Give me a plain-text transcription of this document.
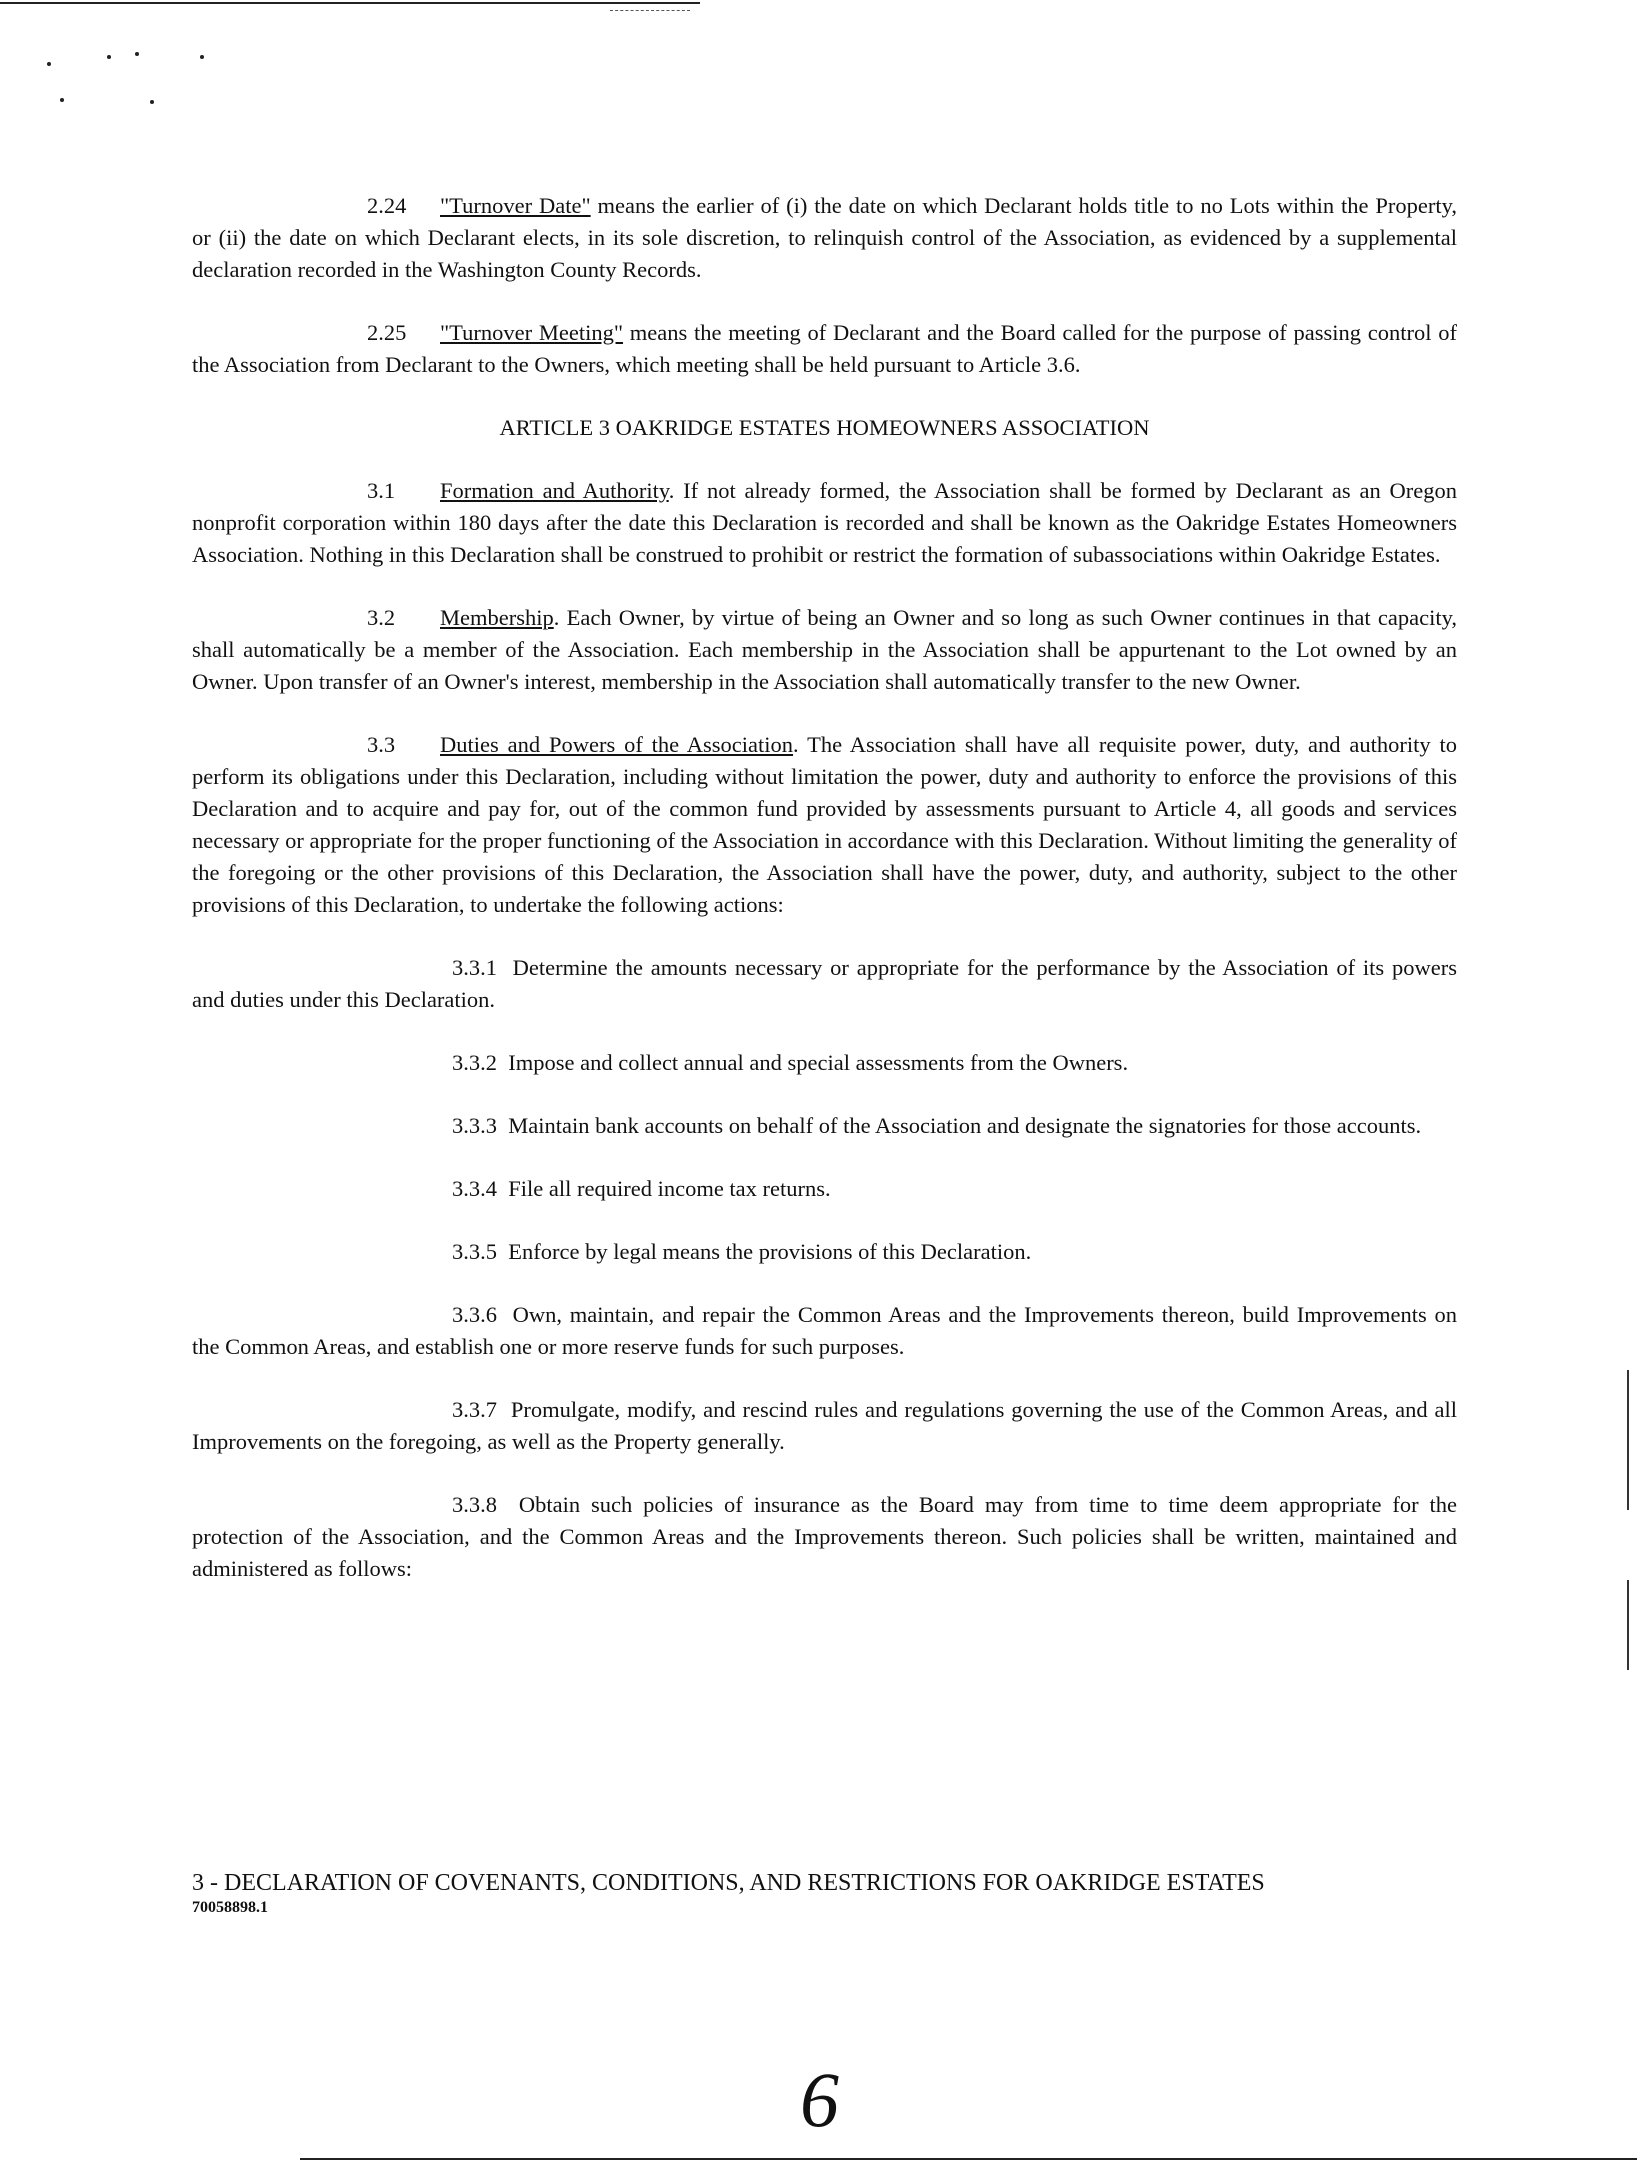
2.24 "Turnover Date" means the earlier of (i) the date on which Declarant holds title to no Lots within the Property, or (ii) the date on which Declarant elects, in its sole discretion, to relinquish control of the Association, as evidenced by a supplemental declaration recorded in the Washington County Records.

2.25 "Turnover Meeting" means the meeting of Declarant and the Board called for the purpose of passing control of the Association from Declarant to the Owners, which meeting shall be held pursuant to Article 3.6.

ARTICLE 3 OAKRIDGE ESTATES HOMEOWNERS ASSOCIATION

3.1 Formation and Authority. If not already formed, the Association shall be formed by Declarant as an Oregon nonprofit corporation within 180 days after the date this Declaration is recorded and shall be known as the Oakridge Estates Homeowners Association. Nothing in this Declaration shall be construed to prohibit or restrict the formation of subassociations within Oakridge Estates.

3.2 Membership. Each Owner, by virtue of being an Owner and so long as such Owner continues in that capacity, shall automatically be a member of the Association. Each membership in the Association shall be appurtenant to the Lot owned by an Owner. Upon transfer of an Owner's interest, membership in the Association shall automatically transfer to the new Owner.

3.3 Duties and Powers of the Association. The Association shall have all requisite power, duty, and authority to perform its obligations under this Declaration, including without limitation the power, duty and authority to enforce the provisions of this Declaration and to acquire and pay for, out of the common fund provided by assessments pursuant to Article 4, all goods and services necessary or appropriate for the proper functioning of the Association in accordance with this Declaration. Without limiting the generality of the foregoing or the other provisions of this Declaration, the Association shall have the power, duty, and authority, subject to the other provisions of this Declaration, to undertake the following actions:

3.3.1 Determine the amounts necessary or appropriate for the performance by the Association of its powers and duties under this Declaration.

3.3.2 Impose and collect annual and special assessments from the Owners.

3.3.3 Maintain bank accounts on behalf of the Association and designate the signatories for those accounts.

3.3.4 File all required income tax returns.

3.3.5 Enforce by legal means the provisions of this Declaration.

3.3.6 Own, maintain, and repair the Common Areas and the Improvements thereon, build Improvements on the Common Areas, and establish one or more reserve funds for such purposes.

3.3.7 Promulgate, modify, and rescind rules and regulations governing the use of the Common Areas, and all Improvements on the foregoing, as well as the Property generally.

3.3.8 Obtain such policies of insurance as the Board may from time to time deem appropriate for the protection of the Association, and the Common Areas and the Improvements thereon. Such policies shall be written, maintained and administered as follows:

3 - DECLARATION OF COVENANTS, CONDITIONS, AND RESTRICTIONS FOR OAKRIDGE ESTATES
70058898.1
6
